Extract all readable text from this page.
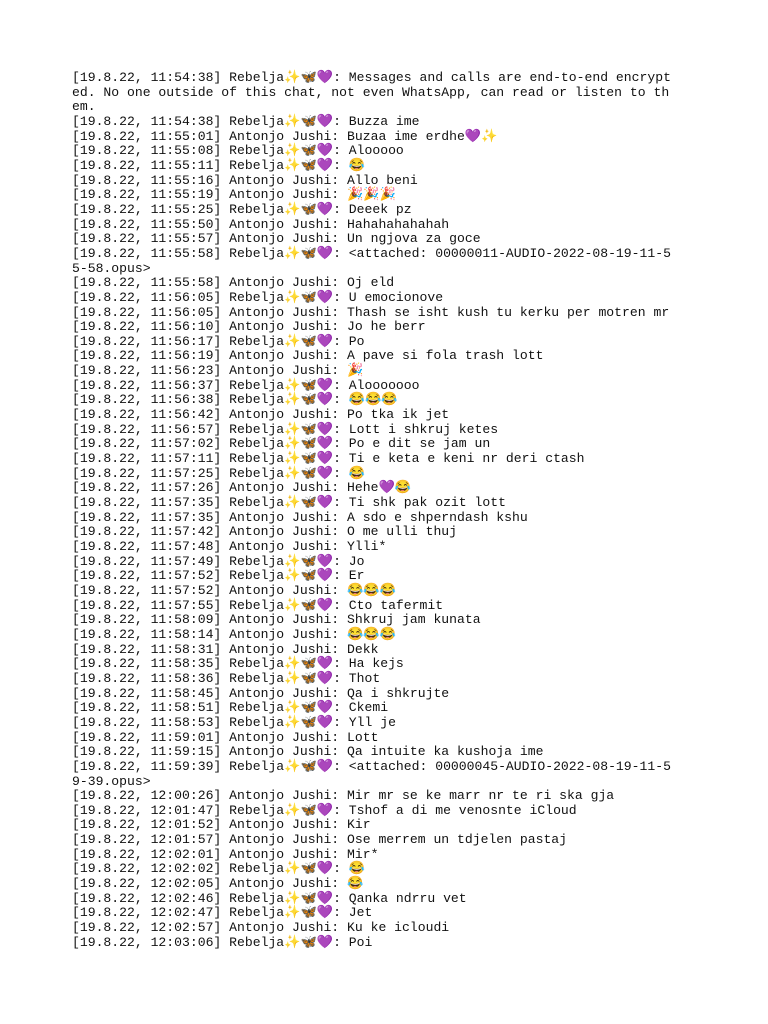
[19.8.22, 11:54:38] Rebelja✨🦋💜: Messages and calls are end-to-end encrypted. No one outside of this chat, not even WhatsApp, can read or listen to them.
[19.8.22, 11:54:38] Rebelja✨🦋💜: Buzza ime
[19.8.22, 11:55:01] Antonjo Jushi: Buzaa ime erdhe💜✨
[19.8.22, 11:55:08] Rebelja✨🦋💜: Alooooo
[19.8.22, 11:55:11] Rebelja✨🦋💜: 😂
[19.8.22, 11:55:16] Antonjo Jushi: Allo beni
[19.8.22, 11:55:19] Antonjo Jushi: 🎉🎉🎉
[19.8.22, 11:55:25] Rebelja✨🦋💜: Deeek pz
[19.8.22, 11:55:50] Antonjo Jushi: Hahahahahahah
[19.8.22, 11:55:57] Antonjo Jushi: Un ngjova za goce
[19.8.22, 11:55:58] Rebelja✨🦋💜: <attached: 00000011-AUDIO-2022-08-19-11-55-58.opus>
[19.8.22, 11:55:58] Antonjo Jushi: Oj eld
[19.8.22, 11:56:05] Rebelja✨🦋💜: U emocionove
[19.8.22, 11:56:05] Antonjo Jushi: Thash se isht kush tu kerku per motren mr
[19.8.22, 11:56:10] Antonjo Jushi: Jo he berr
[19.8.22, 11:56:17] Rebelja✨🦋💜: Po
[19.8.22, 11:56:19] Antonjo Jushi: A pave si fola trash lott
[19.8.22, 11:56:23] Antonjo Jushi: 🎉
[19.8.22, 11:56:37] Rebelja✨🦋💜: Alooooooo
[19.8.22, 11:56:38] Rebelja✨🦋💜: 😂😂😂
[19.8.22, 11:56:42] Antonjo Jushi: Po tka ik jet
[19.8.22, 11:56:57] Rebelja✨🦋💜: Lott i shkruj ketes
[19.8.22, 11:57:02] Rebelja✨🦋💜: Po e dit se jam un
[19.8.22, 11:57:11] Rebelja✨🦋💜: Ti e keta e keni nr deri ctash
[19.8.22, 11:57:25] Rebelja✨🦋💜: 😂
[19.8.22, 11:57:26] Antonjo Jushi: Hehe💜😂
[19.8.22, 11:57:35] Rebelja✨🦋💜: Ti shk pak ozit lott
[19.8.22, 11:57:35] Antonjo Jushi: A sdo e shperndash kshu
[19.8.22, 11:57:42] Antonjo Jushi: O me ulli thuj
[19.8.22, 11:57:48] Antonjo Jushi: Ylli*
[19.8.22, 11:57:49] Rebelja✨🦋💜: Jo
[19.8.22, 11:57:52] Rebelja✨🦋💜: Er
[19.8.22, 11:57:52] Antonjo Jushi: 😂😂😂
[19.8.22, 11:57:55] Rebelja✨🦋💜: Cto tafermit
[19.8.22, 11:58:09] Antonjo Jushi: Shkruj jam kunata
[19.8.22, 11:58:14] Antonjo Jushi: 😂😂😂
[19.8.22, 11:58:31] Antonjo Jushi: Dekk
[19.8.22, 11:58:35] Rebelja✨🦋💜: Ha kejs
[19.8.22, 11:58:36] Rebelja✨🦋💜: Thot
[19.8.22, 11:58:45] Antonjo Jushi: Qa i shkrujte
[19.8.22, 11:58:51] Rebelja✨🦋💜: Ckemi
[19.8.22, 11:58:53] Rebelja✨🦋💜: Yll je
[19.8.22, 11:59:01] Antonjo Jushi: Lott
[19.8.22, 11:59:15] Antonjo Jushi: Qa intuite ka kushoja ime
[19.8.22, 11:59:39] Rebelja✨🦋💜: <attached: 00000045-AUDIO-2022-08-19-11-59-39.opus>
[19.8.22, 12:00:26] Antonjo Jushi: Mir mr se ke marr nr te ri ska gja
[19.8.22, 12:01:47] Rebelja✨🦋💜: Tshof a di me venosnte iCloud
[19.8.22, 12:01:52] Antonjo Jushi: Kir
[19.8.22, 12:01:57] Antonjo Jushi: Ose merrem un tdjelen pastaj
[19.8.22, 12:02:01] Antonjo Jushi: Mir*
[19.8.22, 12:02:02] Rebelja✨🦋💜: 😂
[19.8.22, 12:02:05] Antonjo Jushi: 😂
[19.8.22, 12:02:46] Rebelja✨🦋💜: Qanka ndrru vet
[19.8.22, 12:02:47] Rebelja✨🦋💜: Jet
[19.8.22, 12:02:57] Antonjo Jushi: Ku ke icloudi
[19.8.22, 12:03:06] Rebelja✨🦋💜: Poi
